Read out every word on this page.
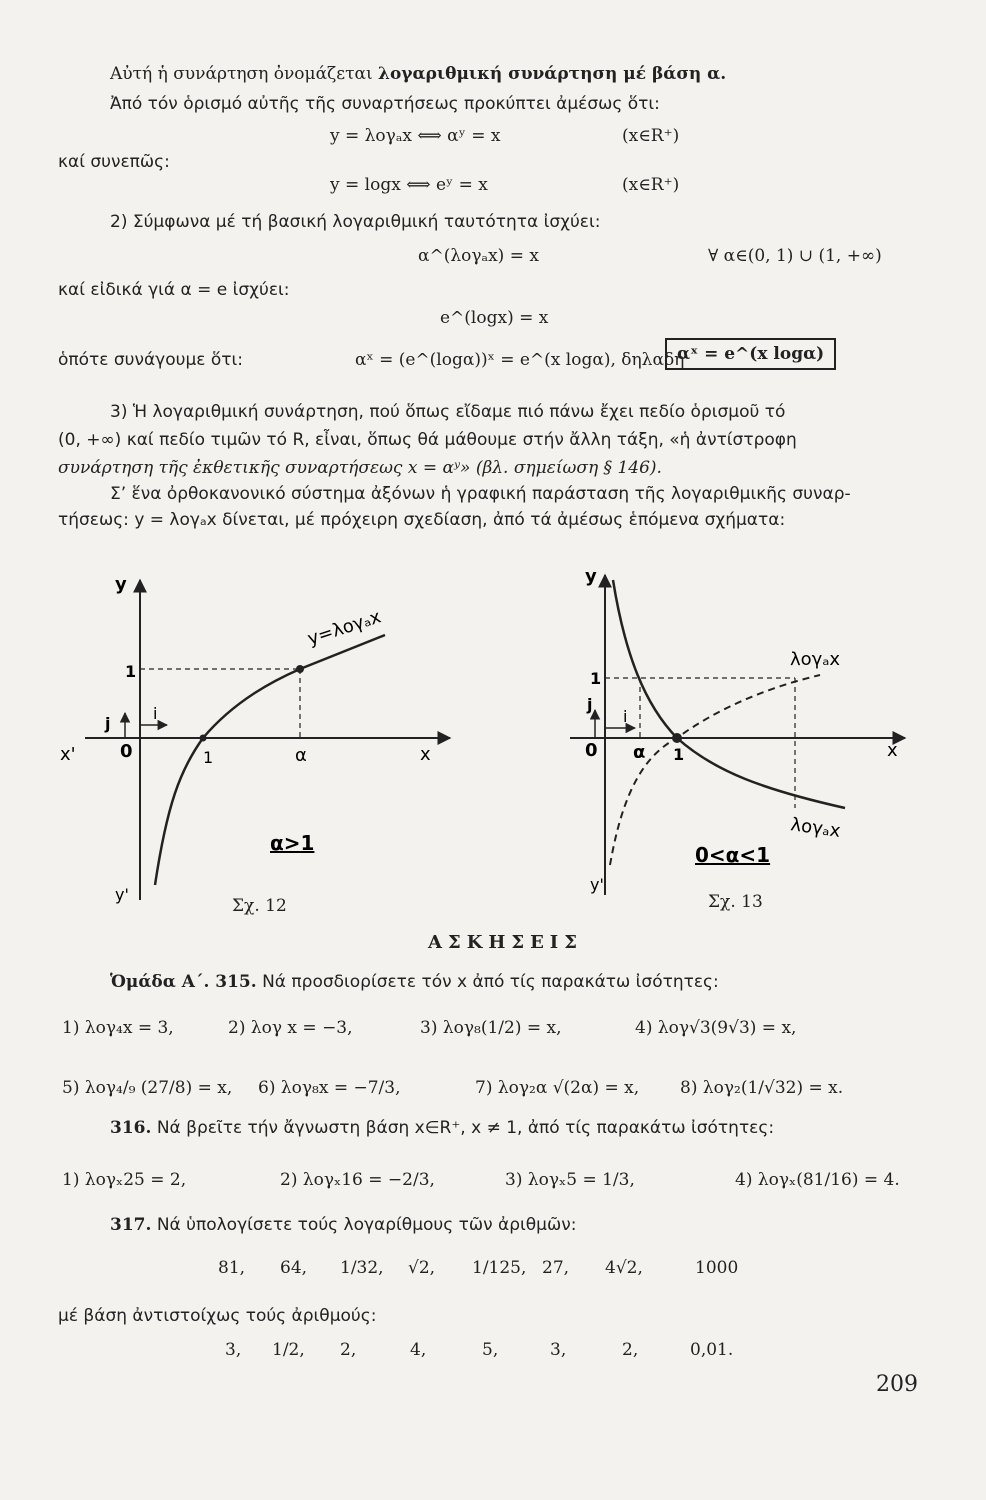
Αὐτή ἡ συνάρτηση ὀνομάζεται λογαριθμική συνάρτηση μέ βάση α.
Ἀπό τόν ὁρισμό αὐτῆς τῆς συναρτήσεως προκύπτει ἀμέσως ὅτι:
y = λογₐx ⟺ αʸ = x	(x∈R⁺)
καί συνεπῶς:
y = logx ⟺ eʸ = x	(x∈R⁺)
2) Σύμφωνα μέ τή βασική λογαριθμική ταυτότητα ἰσχύει:
α^(λογₐx) = x	∀ α∈(0, 1) ∪ (1, +∞)
καί εἰδικά γιά α = e ἰσχύει:
e^(logx) = x
ὁπότε συνάγουμε ὅτι:	αˣ = (e^(logα))ˣ = e^(x logα), δηλαδή
αˣ = e^(x logα)
3) Ἡ λογαριθμική συνάρτηση, πού ὅπως εἴδαμε πιό πάνω ἔχει πεδίο ὁρισμοῦ τό
(0, +∞) καί πεδίο τιμῶν τό R, εἶναι, ὅπως θά μάθουμε στήν ἄλλη τάξη, «ἡ ἀντίστροφη
συνάρτηση τῆς ἐκθετικῆς συναρτήσεως x = αʸ» (βλ. σημείωση § 146).
Σ’ ἕνα ὀρθοκανονικό σύστημα ἀξόνων ἡ γραφική παράσταση τῆς λογαριθμικῆς συναρ-
τήσεως: y = λογₐx δίνεται, μέ πρόχειρη σχεδίαση, ἀπό τά ἀμέσως ἑπόμενα σχήματα:
y=λογₐx
y
y'
x
x' 0	1
1
α
i
j
α>1
Σχ. 12
λογₐx
λογₐx
y
y'
x
0	1
1
α
i
j
0<α<1
Σχ. 13
ΑΣΚΗΣΕΙΣ
Ὁμάδα Α΄. 315. Νά προσδιορίσετε τόν x ἀπό τίς παρακάτω ἰσότητες:
1) λογ₄x = 3,	2) λογ x = −3,	3) λογ₈(1/2) = x,	4) λογ√3(9√3) = x,
5) λογ₄/₉ (27/8) = x, 6) λογ₈x = −7/3,	7) λογ₂α √(2α) = x, 8) λογ₂(1/√32) = x.
316. Νά βρεῖτε τήν ἄγνωστη βάση x∈R⁺, x ≠ 1, ἀπό τίς παρακάτω ἰσότητες:
1) λογₓ25 = 2,	2) λογₓ16 = −2/3,	3) λογₓ5 = 1/3,	4) λογₓ(81/16) = 4.
317. Νά ὑπολογίσετε τούς λογαρίθμους τῶν ἀριθμῶν:
81, 64, 1/32, √2, 1/125, 27, 4√2,	1000
μέ βάση ἀντιστοίχως τούς ἀριθμούς:
3, 1/2, 2,	4,	5,	3,	2,	0,01.
209
